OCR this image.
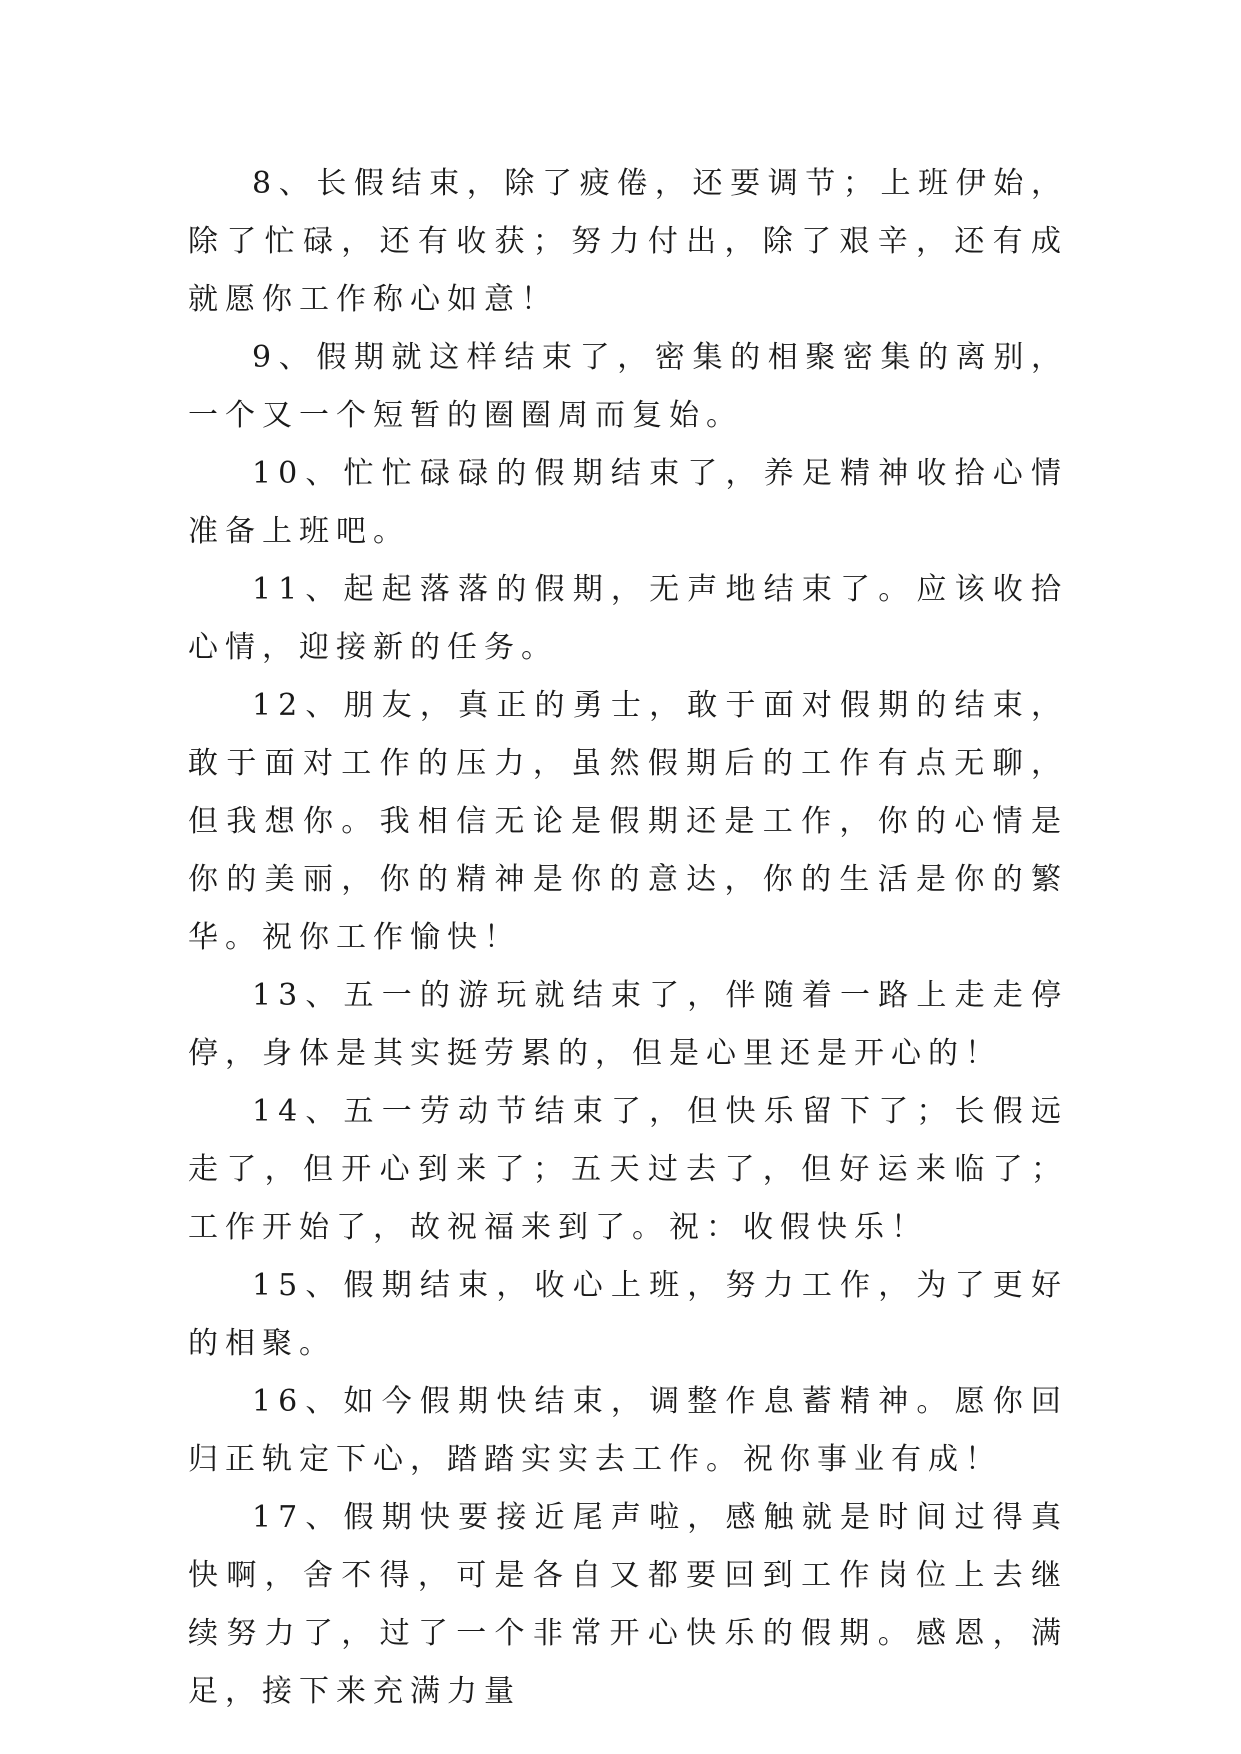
8、长假结束，除了疲倦，还要调节；上班伊始，除了忙碌，还有收获；努力付出，除了艰辛，还有成就愿你工作称心如意！

9、假期就这样结束了，密集的相聚密集的离别，一个又一个短暂的圈圈周而复始。

10、忙忙碌碌的假期结束了，养足精神收拾心情准备上班吧。

11、起起落落的假期，无声地结束了。应该收拾心情，迎接新的任务。

12、朋友，真正的勇士，敢于面对假期的结束，敢于面对工作的压力，虽然假期后的工作有点无聊，但我想你。我相信无论是假期还是工作，你的心情是你的美丽，你的精神是你的意达，你的生活是你的繁华。祝你工作愉快！

13、五一的游玩就结束了，伴随着一路上走走停停，身体是其实挺劳累的，但是心里还是开心的！

14、五一劳动节结束了，但快乐留下了；长假远走了，但开心到来了；五天过去了，但好运来临了；工作开始了，故祝福来到了。祝：收假快乐！

15、假期结束，收心上班，努力工作，为了更好的相聚。

16、如今假期快结束，调整作息蓄精神。愿你回归正轨定下心，踏踏实实去工作。祝你事业有成！

17、假期快要接近尾声啦，感触就是时间过得真快啊，舍不得，可是各自又都要回到工作岗位上去继续努力了，过了一个非常开心快乐的假期。感恩，满足，接下来充满力量
